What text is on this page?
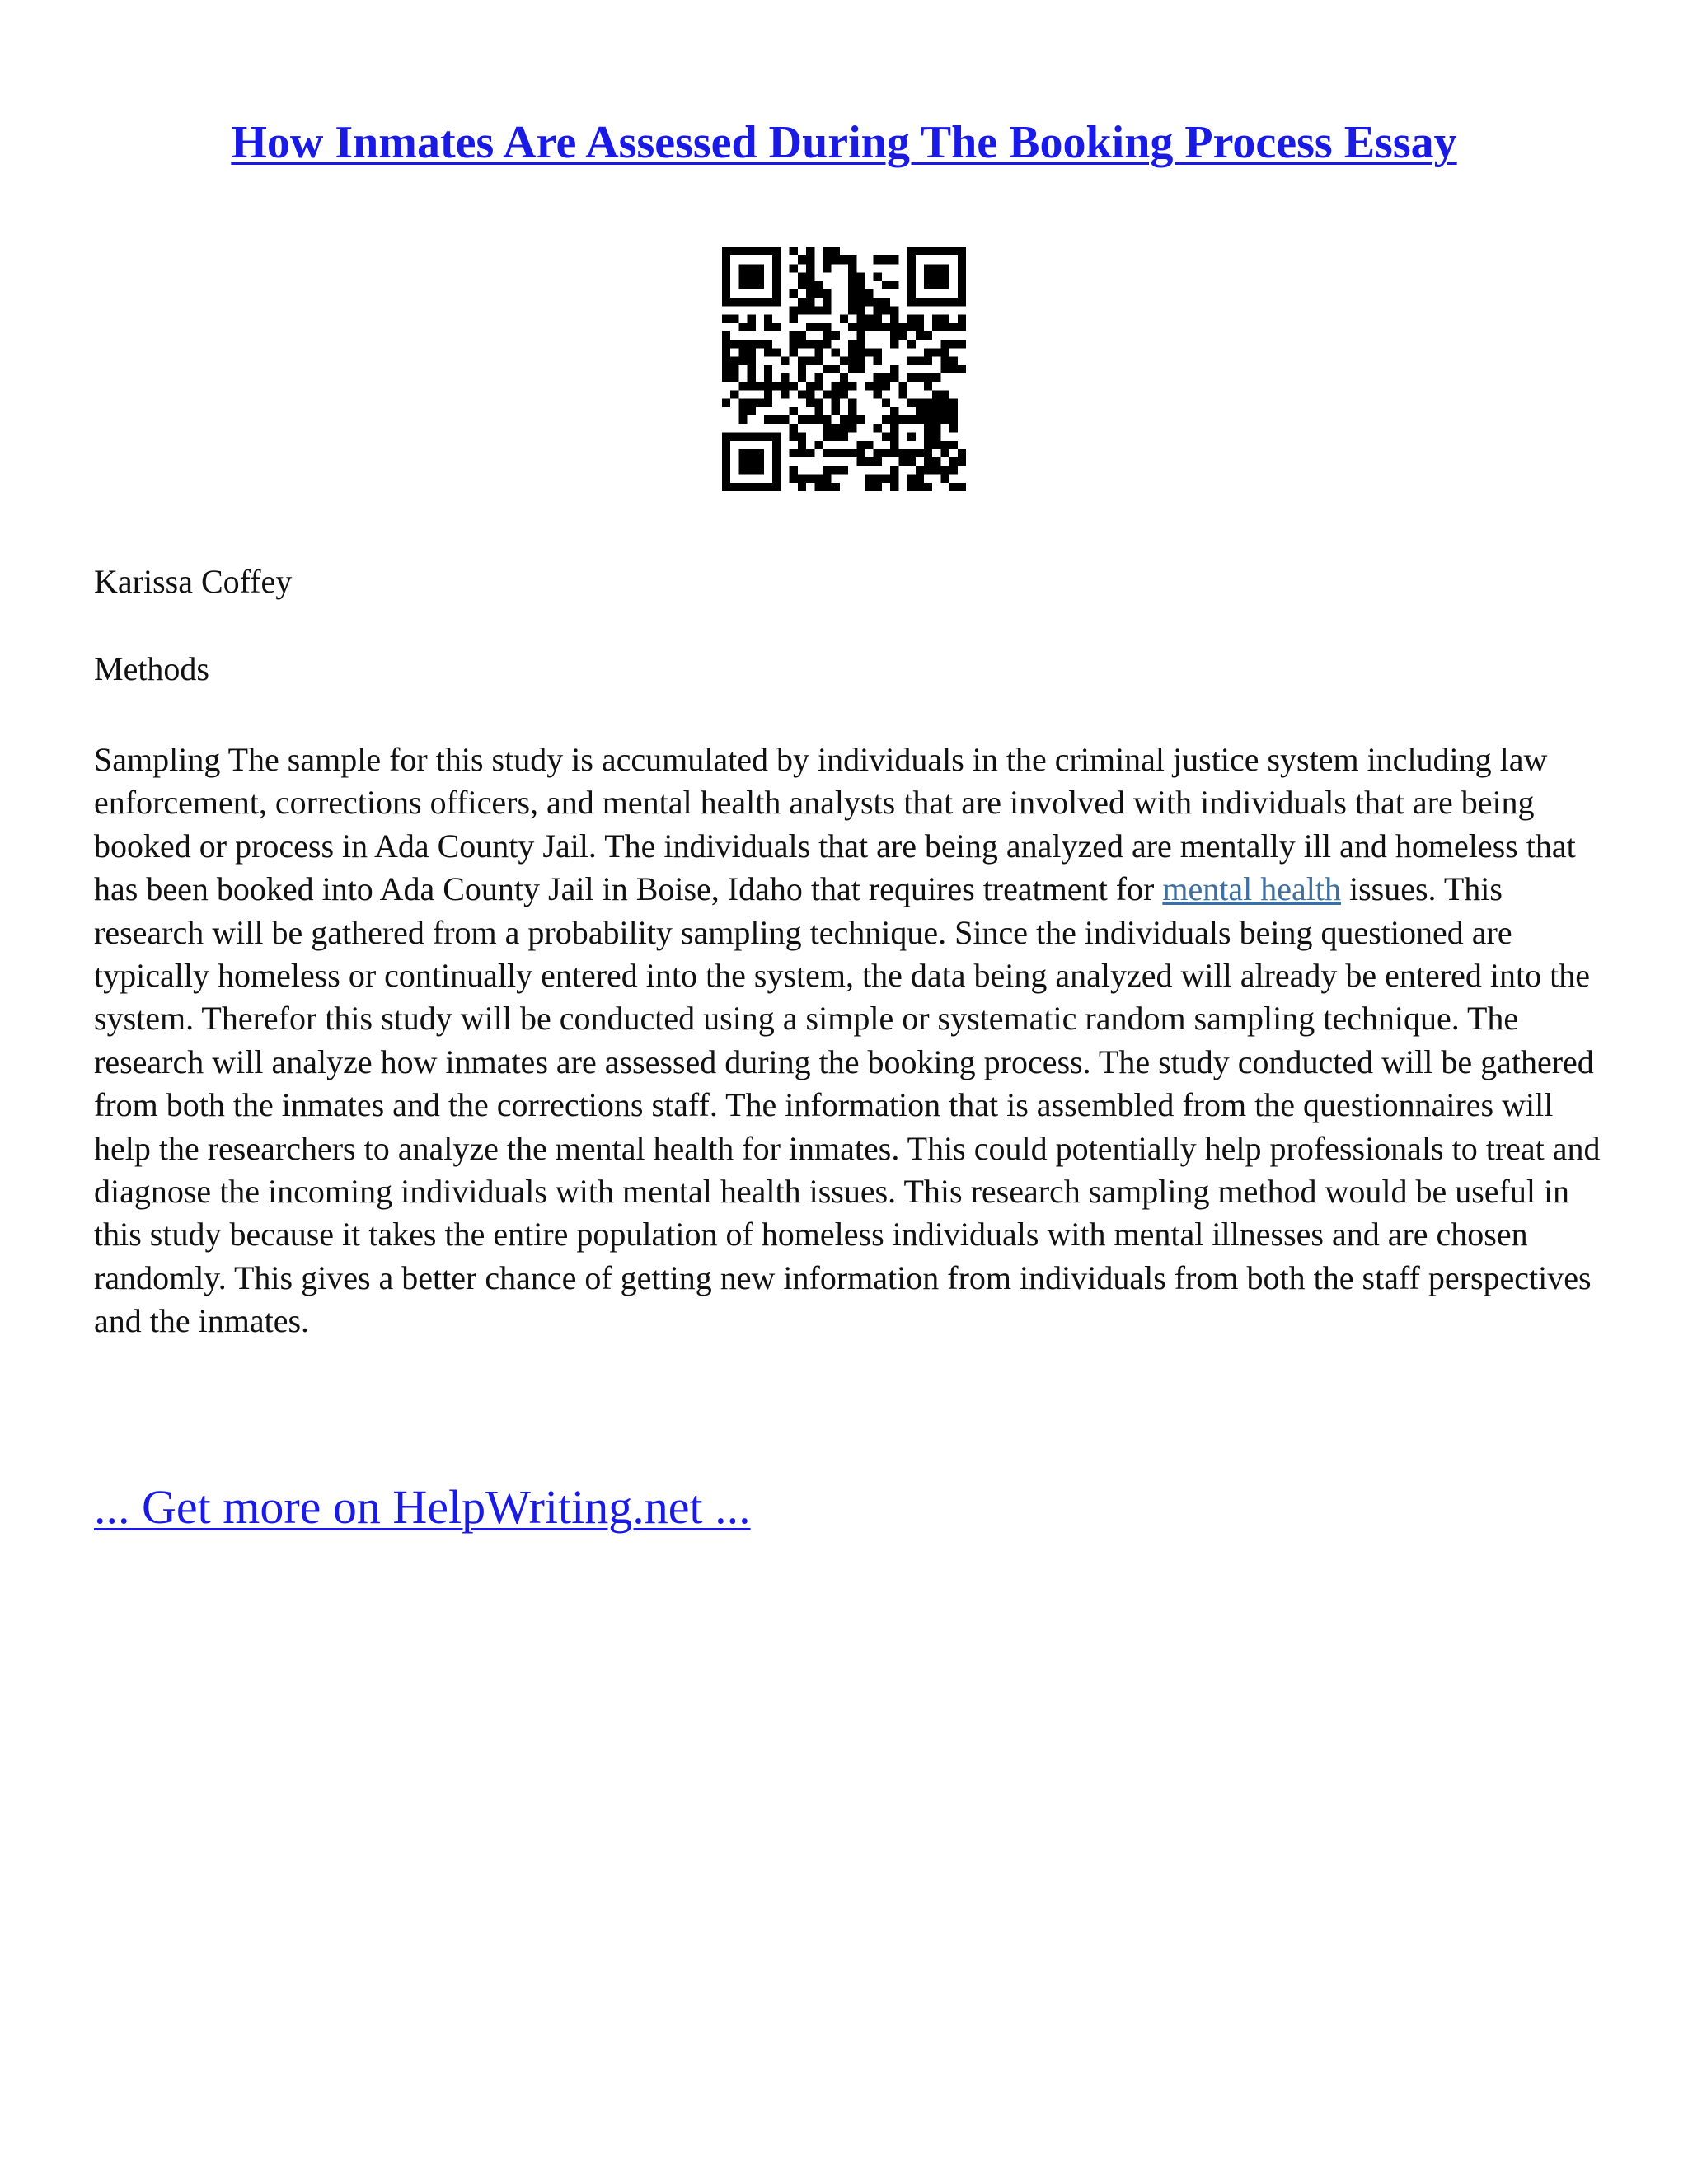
How Inmates Are Assessed During The Booking Process Essay

Karissa Coffey

Methods

Sampling The sample for this study is accumulated by individuals in the criminal justice system including law enforcement, corrections officers, and mental health analysts that are involved with individuals that are being booked or process in Ada County Jail. The individuals that are being analyzed are mentally ill and homeless that has been booked into Ada County Jail in Boise, Idaho that requires treatment for mental health issues. This research will be gathered from a probability sampling technique. Since the individuals being questioned are typically homeless or continually entered into the system, the data being analyzed will already be entered into the system. Therefor this study will be conducted using a simple or systematic random sampling technique. The research will analyze how inmates are assessed during the booking process. The study conducted will be gathered from both the inmates and the corrections staff. The information that is assembled from the questionnaires will help the researchers to analyze the mental health for inmates. This could potentially help professionals to treat and diagnose the incoming individuals with mental health issues. This research sampling method would be useful in this study because it takes the entire population of homeless individuals with mental illnesses and are chosen randomly. This gives a better chance of getting new information from individuals from both the staff perspectives and the inmates.

... Get more on HelpWriting.net ...
